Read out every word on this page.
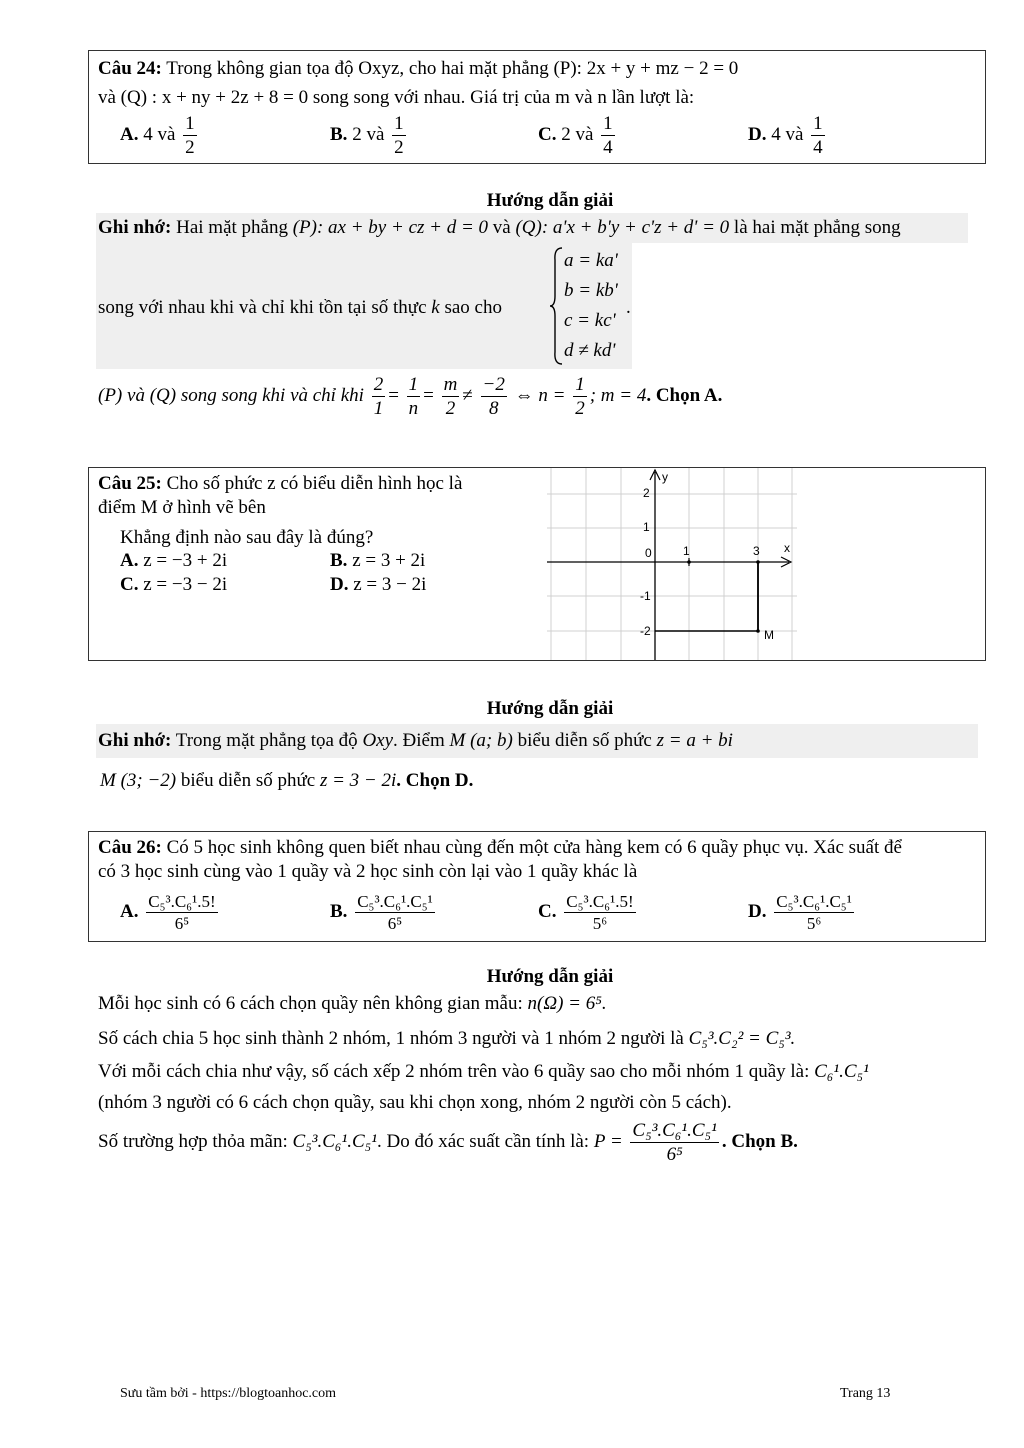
Câu 24: Trong không gian tọa độ Oxyz, cho hai mặt phẳng (P): 2x + y + mz − 2 = 0
và (Q) : x + ny + 2z + 8 = 0 song song với nhau. Giá trị của m và n lần lượt là:
A. 4 và $\frac{1}{2}$	B. 2 và $\frac{1}{2}$	C. 2 và $\frac{1}{4}$	D. 4 và $\frac{1}{4}$
Hướng dẫn giải
Ghi nhớ: Hai mặt phẳng (P): ax + by + cz + d = 0 và (Q): a'x + b'y + c'z + d' = 0 là hai mặt phẳng song
song với nhau khi và chỉ khi tồn tại số thực k sao cho
a = ka'
b = kb'
c = kc'
d ≠ kd'
.
(P) và (Q) song song khi và chỉ khi $\frac{2}{1} = \frac{1}{n} = \frac{m}{2} \ne \frac{-2}{8}$ ⇔ $n = \frac{1}{2}$ ; m = 4. Chọn A.
Câu 25: Cho số phức z có biểu diễn hình học là
điểm M ở hình vẽ bên
Khẳng định nào sau đây là đúng?
A. z = −3 + 2i	B. z = 3 + 2i
C. z = −3 − 2i	D. z = 3 − 2i
y
x
0	1	3
2
1
-1
-2	M
Hướng dẫn giải
Ghi nhớ: Trong mặt phẳng tọa độ Oxy. Điểm M (a; b) biểu diễn số phức z = a + bi
M (3; −2) biểu diễn số phức z = 3 − 2i. Chọn D.
Câu 26: Có 5 học sinh không quen biết nhau cùng đến một cửa hàng kem có 6 quầy phục vụ. Xác suất để
có 3 học sinh cùng vào 1 quầy và 2 học sinh còn lại vào 1 quầy khác là
A. $\frac{\text{C₅³.C₆¹.5!}}{\text{6⁵}}$	B. $\frac{\text{C₅³.C₆¹.C₅¹}}{\text{6⁵}}$	C. $\frac{\text{C₅³.C₆¹.5!}}{\text{5⁶}}$	D. $\frac{\text{C₅³.C₆¹.C₅¹}}{\text{5⁶}}$
Hướng dẫn giải
Mỗi học sinh có 6 cách chọn quầy nên không gian mẫu: n(Ω) = 6⁵.
Số cách chia 5 học sinh thành 2 nhóm, 1 nhóm 3 người và 1 nhóm 2 người là C₅³.C₂² = C₅³.
Với mỗi cách chia như vậy, số cách xếp 2 nhóm trên vào 6 quầy sao cho mỗi nhóm 1 quầy là: C₆¹.C₅¹
(nhóm 3 người có 6 cách chọn quầy, sau khi chọn xong, nhóm 2 người còn 5 cách).
Số trường hợp thỏa mãn: C₅³.C₆¹.C₅¹. Do đó xác suất cần tính là: $P = \frac{\text{C₅³.C₆¹.C₅¹}}{\text{6⁵}}$ . Chọn B.
Sưu tầm bởi - https://blogtoanhoc.com	Trang 13
